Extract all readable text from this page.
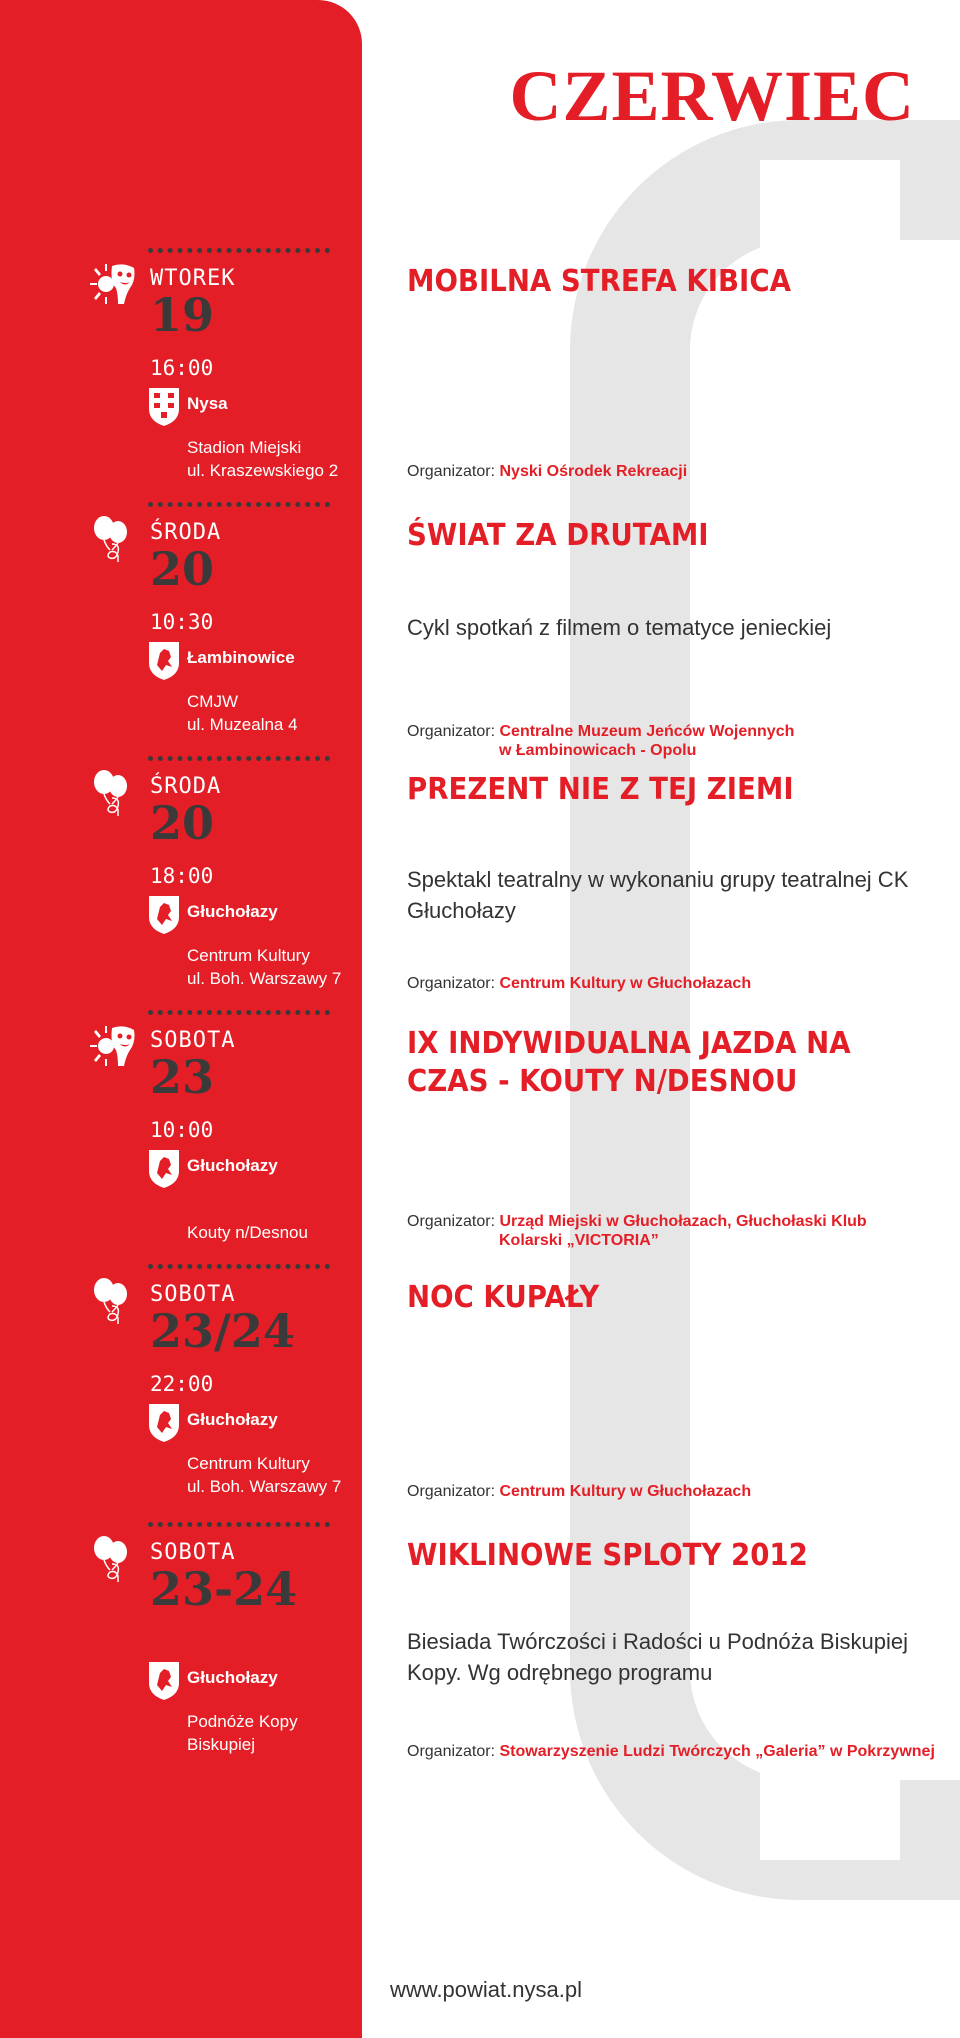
CZERWIEC
WTOREK
19
16:00
Nysa
Stadion Miejski
ul. Kraszewskiego 2
MOBILNA STREFA KIBICA
Organizator: Nyski Ośrodek Rekreacji
ŚRODA
20
10:30
Łambinowice
CMJW
ul. Muzealna 4
ŚWIAT ZA DRUTAMI
Cykl spotkań z filmem o tematyce jenieckiej
Organizator: Centralne Muzeum Jeńców Wojennych
w Łambinowicach - Opolu
ŚRODA
20
18:00
Głuchołazy
Centrum Kultury
ul. Boh. Warszawy 7
PREZENT NIE Z TEJ ZIEMI
Spektakl teatralny w wykonaniu grupy teatralnej CK Głuchołazy
Organizator: Centrum Kultury w Głuchołazach
SOBOTA
23
10:00
Głuchołazy
Kouty n/Desnou
IX INDYWIDUALNA JAZDA NA CZAS - KOUTY N/DESNOU
Organizator: Urząd Miejski w Głuchołazach, Głuchołaski Klub
Kolarski „VICTORIA”
SOBOTA
23/24
22:00
Głuchołazy
Centrum Kultury
ul. Boh. Warszawy 7
NOC KUPAŁY
Organizator: Centrum Kultury w Głuchołazach
SOBOTA
23-24
Głuchołazy
Podnóże Kopy
Biskupiej
WIKLINOWE SPLOTY 2012
Biesiada Twórczości i Radości u Podnóża Biskupiej Kopy. Wg odrębnego programu
Organizator: Stowarzyszenie Ludzi Twórczych „Galeria” w Pokrzywnej
www.powiat.nysa.pl
Powiat NYSKI
